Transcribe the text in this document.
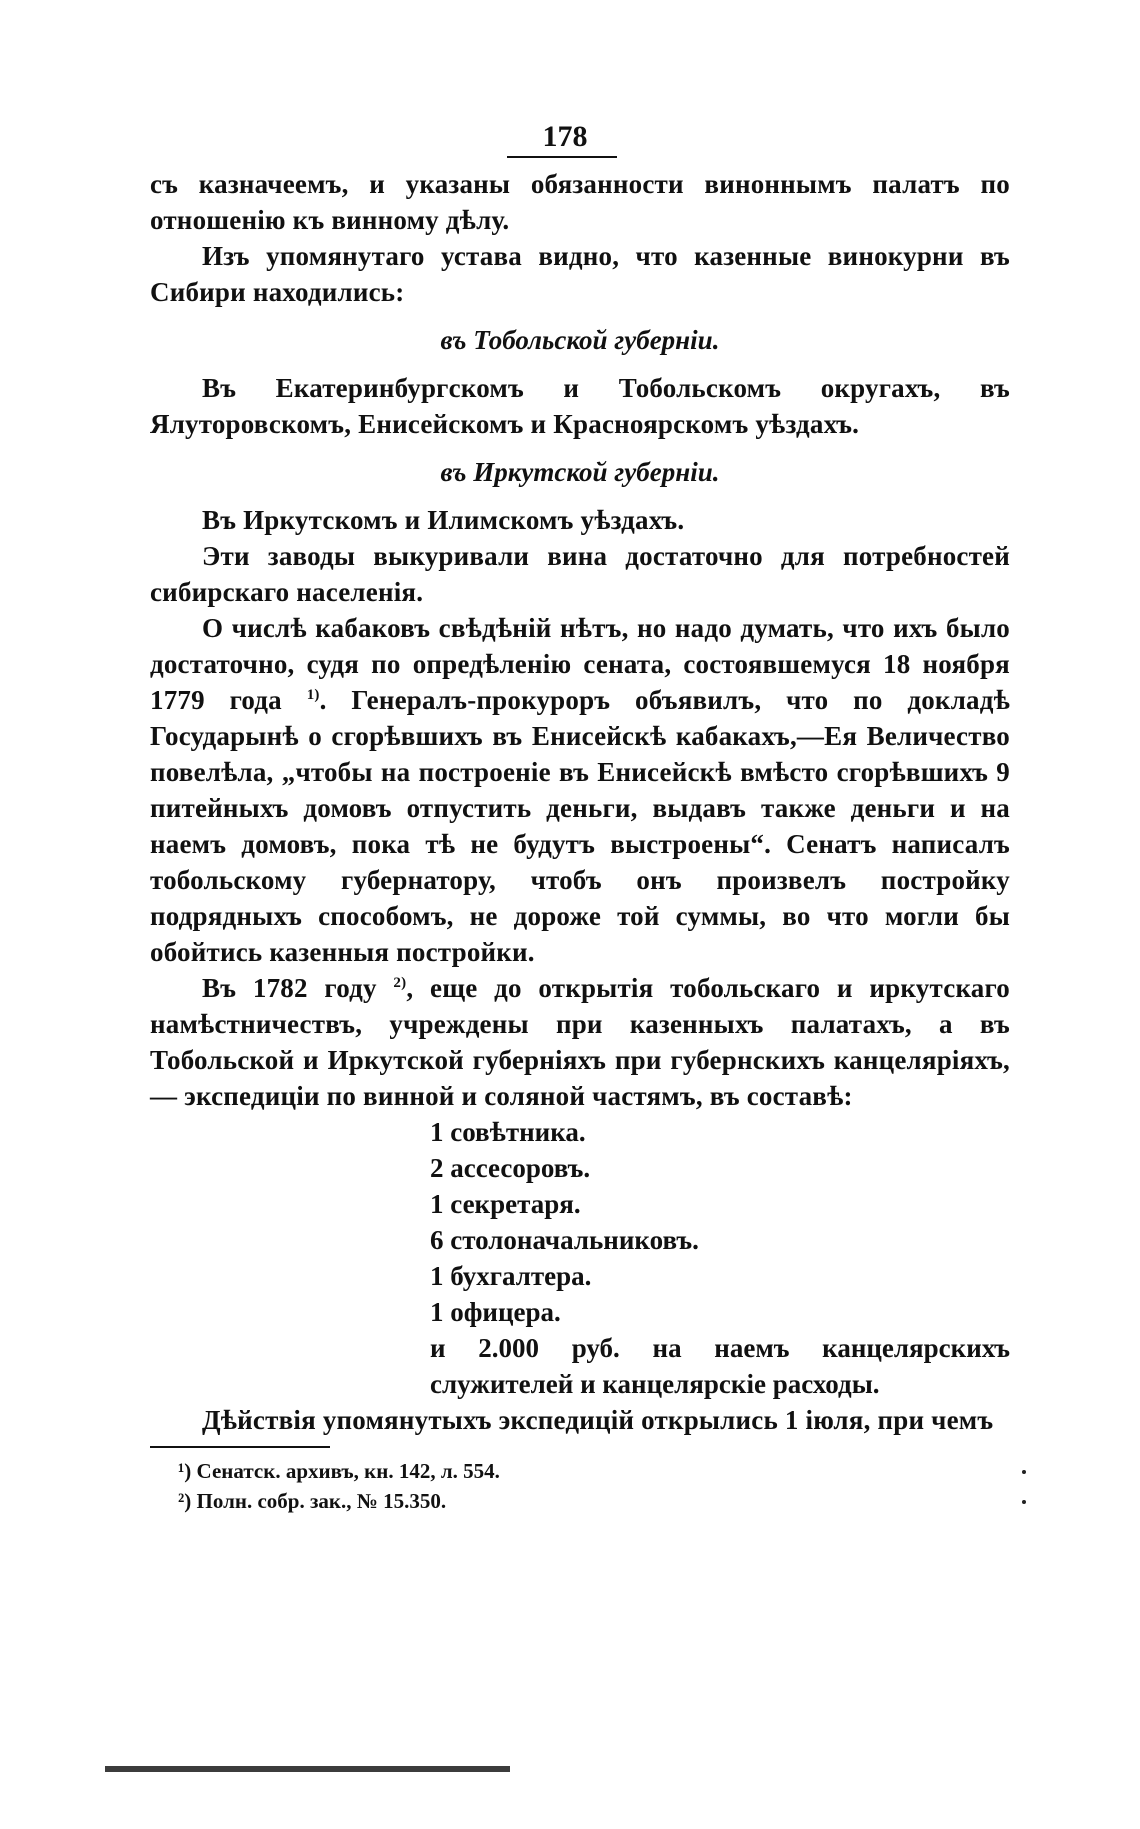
178

съ казначеемъ, и указаны обязанности виноннымъ палатъ по отношенію къ винному дѣлу.

Изъ упомянутаго устава видно, что казенные винокурни въ Сибири находились:

въ Тобольской губерніи.

Въ Екатеринбургскомъ и Тобольскомъ округахъ, въ Ялуторовскомъ, Енисейскомъ и Красноярскомъ уѣздахъ.

въ Иркутской губерніи.

Въ Иркутскомъ и Илимскомъ уѣздахъ.

Эти заводы выкуривали вина достаточно для потребностей сибирскаго населенія.

О числѣ кабаковъ свѣдѣній нѣтъ, но надо думать, что ихъ было достаточно, судя по опредѣленію сената, состоявшемуся 18 ноября 1779 года $^{1)}$. Генералъ-прокуроръ объявилъ, что по докладѣ Государынѣ о сгорѣвшихъ въ Енисейскѣ кабакахъ,—Ея Величество повелѣла, „чтобы на построеніе въ Енисейскѣ вмѣсто сгорѣвшихъ 9 питейныхъ домовъ отпустить деньги, выдавъ также деньги и на наемъ домовъ, пока тѣ не будутъ выстроены“. Сенатъ написалъ тобольскому губернатору, чтобъ онъ произвелъ постройку подрядныхъ способомъ, не дороже той суммы, во что могли бы обойтись казенныя постройки.

Въ 1782 году $^{2)}$, еще до открытія тобольскаго и иркутскаго намѣстничествъ, учреждены при казенныхъ палатахъ, а въ Тобольской и Иркутской губерніяхъ при губернскихъ канцеляріяхъ,— экспедиціи по винной и соляной частямъ, въ составѣ:

1 совѣтника.
2 ассесоровъ.
1 секретаря.
6 столоначальниковъ.
1 бухгалтера.
1 офицера.
и 2.000 руб. на наемъ канцелярскихъ служителей и канцелярскіе расходы.

Дѣйствія упомянутыхъ экспедицій открылись 1 іюля, при чемъ

¹) Сенатск. архивъ, кн. 142, л. 554.
²) Полн. собр. зак., № 15.350.
